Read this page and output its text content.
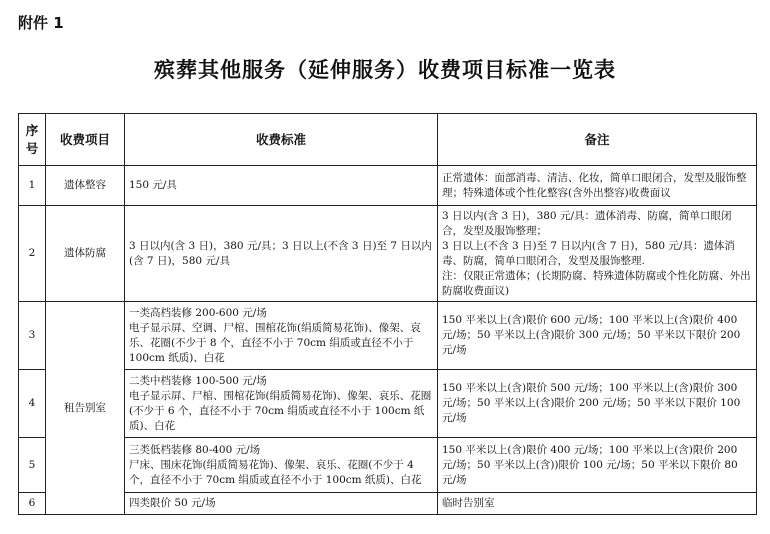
附件 1
殡葬其他服务（延伸服务）收费项目标准一览表
序
号	收费项目	收费标准	备注
1	遗体整容	150 元/具	正常遗体：面部消毒、清洁、化妆，简单口眼闭合，发型及服饰整理；特殊遗体或个性化整容(含外出整容)收费面议
2	遗体防腐	3 日以内(含 3 日)，380 元/具；3 日以上(不含 3 日)至 7 日以内(含 7 日)，580 元/具	3 日以内(含 3 日)，380 元/具：遗体消毒、防腐，简单口眼闭合，发型及服饰整理；
3 日以上(不含 3 日)至 7 日以内(含 7 日)，580 元/具：遗体消毒、防腐，简单口眼闭合，发型及服饰整理.
注：仅限正常遗体；(长期防腐、特殊遗体防腐或个性化防腐、外出防腐收费面议)
3	租告别室	一类高档装修 200-600 元/场
电子显示屏、空调、尸棺、围棺花饰(绢质简易花饰)、像架、哀乐、花圈(不少于 8 个，直径不小于 70cm 绢质或直径不小于 100cm 纸质)、白花	150 平米以上(含)限价 600 元/场；100 平米以上(含)限价 400 元/场；50 平米以上(含)限价 300 元/场；50 平米以下限价 200 元/场
4		二类中档装修 100-500 元/场
电子显示屏、尸棺、围棺花饰(绢质简易花饰)、像架、哀乐、花圈(不少于 6 个，直径不小于 70cm 绢质或直径不小于 100cm 纸质)、白花	150 平米以上(含)限价 500 元/场；100 平米以上(含)限价 300 元/场；50 平米以上(含)限价 200 元/场；50 平米以下限价 100 元/场
5		三类低档装修 80-400 元/场
尸床、围床花饰(绢质简易花饰)、像架、哀乐、花圈(不少于 4 个，直径不小于 70cm 绢质或直径不小于 100cm 纸质)、白花	150 平米以上(含)限价 400 元/场；100 平米以上(含)限价 200 元/场；50 平米以上(含))限价 100 元/场；50 平米以下限价 80 元/场
6		四类限价 50 元/场	临时告别室
